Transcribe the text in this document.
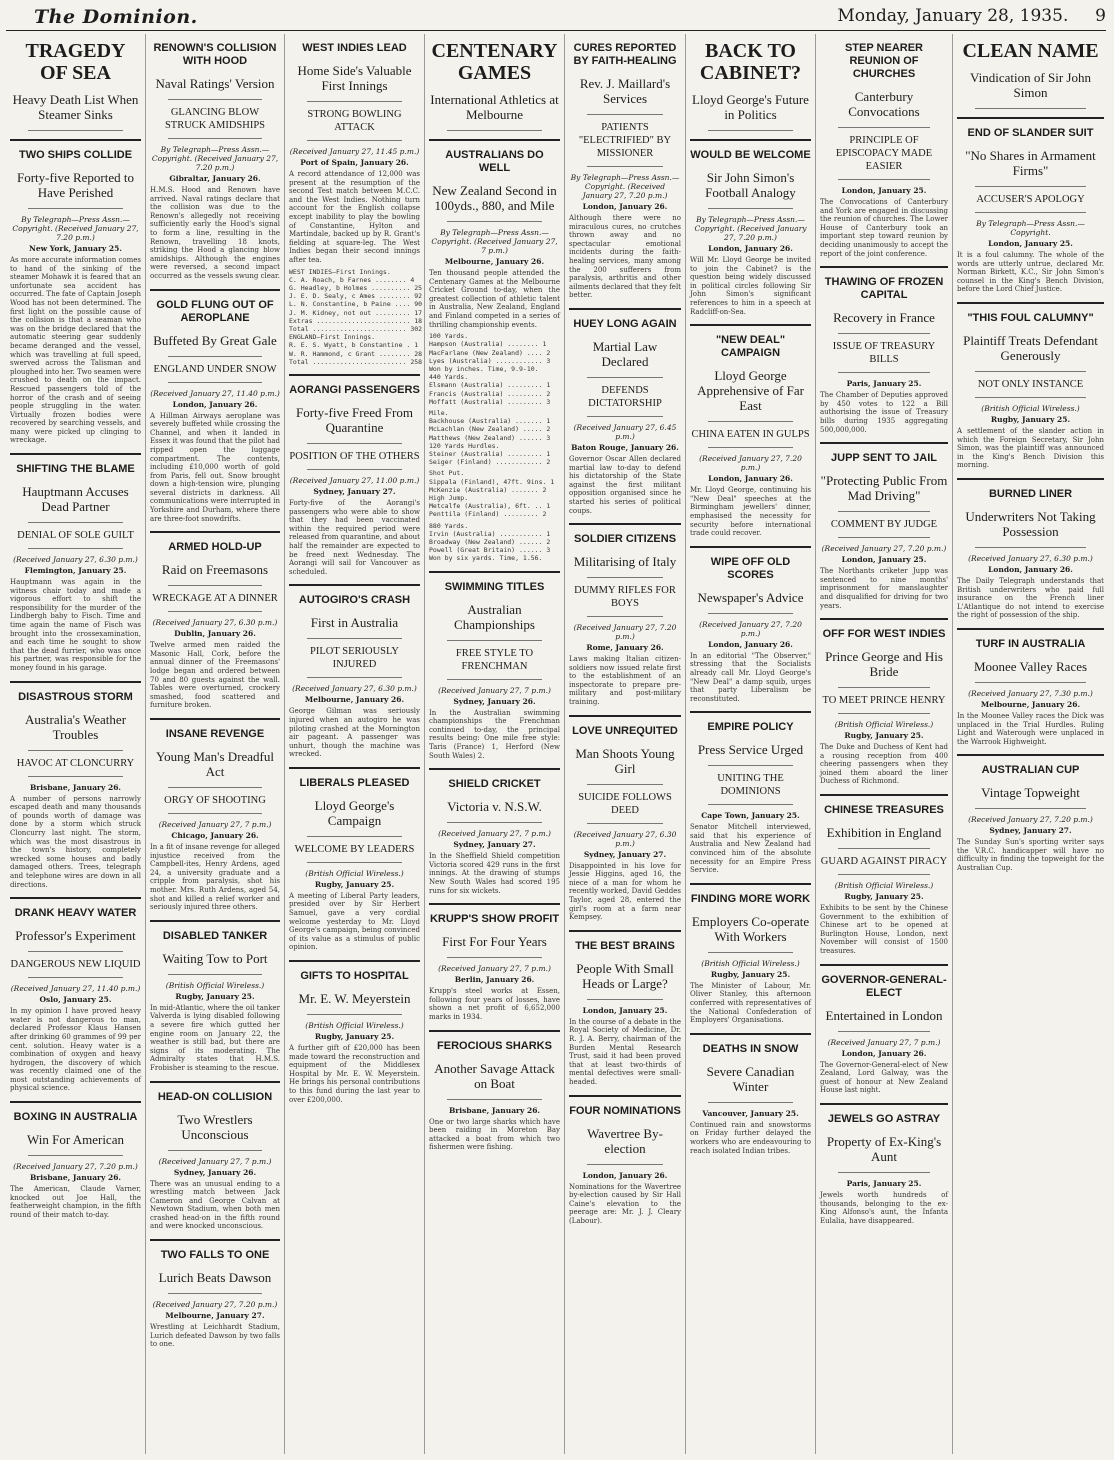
The Dominion.	Monday, January 28, 1935. 9
TRAGEDY OF SEA
Heavy Death List When Steamer Sinks
TWO SHIPS COLLIDE
Forty-five Reported to Have Perished
By Telegraph—Press Assn.—Copyright. (Received January 27, 7.20 p.m.)
New York, January 25.
As more accurate information comes to hand of the sinking of the steamer Mohawk it is feared that an unfortunate sea accident has occurred. The fate of Captain Joseph Wood has not been determined. The first light on the possible cause of the collision is that a seaman who was on the bridge declared that the automatic steering gear suddenly became deranged and the vessel, which was travelling at full speed, swerved across the Talisman and ploughed into her. Two seamen were crushed to death on the impact. Rescued passengers told of the horror of the crash and of seeing people struggling in the water. Virtually frozen bodies were recovered by searching vessels, and many were picked up clinging to wreckage.
SHIFTING THE BLAME
Hauptmann Accuses Dead Partner
DENIAL OF SOLE GUILT
(Received January 27, 6.30 p.m.)
Flemington, January 25.
Hauptmann was again in the witness chair today and made a vigorous effort to shift the responsibility for the murder of the Lindbergh baby to Fisch. Time and time again the name of Fisch was brought into the crossexamination, and each time he sought to show that the dead furrier, who was once his partner, was responsible for the money found in his garage.
DISASTROUS STORM
Australia's Weather Troubles
HAVOC AT CLONCURRY
Brisbane, January 26.
A number of persons narrowly escaped death and many thousands of pounds worth of damage was done by a storm which struck Cloncurry last night. The storm, which was the most disastrous in the town's history, completely wrecked some houses and badly damaged others. Trees, telegraph and telephone wires are down in all directions.
DRANK HEAVY WATER
Professor's Experiment
DANGEROUS NEW LIQUID
(Received January 27, 11.40 p.m.)
Oslo, January 25.
In my opinion I have proved heavy water is not dangerous to man, declared Professor Klaus Hansen after drinking 60 grammes of 99 per cent. solution. Heavy water is a combination of oxygen and heavy hydrogen, the discovery of which was recently claimed one of the most outstanding achievements of physical science.
BOXING IN AUSTRALIA
Win For American
(Received January 27, 7.20 p.m.)
Brisbane, January 26.
The American, Claude Varner, knocked out Joe Hall, the featherweight champion, in the fifth round of their match to-day.
RENOWN'S COLLISION WITH HOOD
Naval Ratings' Version
GLANCING BLOW STRUCK AMIDSHIPS
By Telegraph—Press Assn.—Copyright. (Received January 27, 7.20 p.m.)
Gibraltar, January 26.
H.M.S. Hood and Renown have arrived. Naval ratings declare that the collision was due to the Renown's allegedly not receiving sufficiently early the Hood's signal to form a line, resulting in the Renown, travelling 18 knots, striking the Hood a glancing blow amidships. Although the engines were reversed, a second impact occurred as the vessels swung clear.
GOLD FLUNG OUT OF AEROPLANE
Buffeted By Great Gale
ENGLAND UNDER SNOW
(Received January 27, 11.40 p.m.)
London, January 26.
A Hillman Airways aeroplane was severely buffeted while crossing the Channel, and when it landed in Essex it was found that the pilot had ripped open the luggage compartment. The contents, including £10,000 worth of gold from Paris, fell out. Snow brought down a high-tension wire, plunging several districts in darkness. All communications were interrupted in Yorkshire and Durham, where there are three-foot snowdrifts.
ARMED HOLD-UP
Raid on Freemasons
WRECKAGE AT A DINNER
(Received January 27, 6.30 p.m.)
Dublin, January 26.
Twelve armed men raided the Masonic Hall, Cork, before the annual dinner of the Freemasons' lodge began and ordered between 70 and 80 guests against the wall. Tables were overturned, crockery smashed, food scattered and furniture broken.
INSANE REVENGE
Young Man's Dreadful Act
ORGY OF SHOOTING
(Received January 27, 7 p.m.)
Chicago, January 26.
In a fit of insane revenge for alleged injustice received from the Campbell-ites, Henry Ardens, aged 24, a university graduate and a cripple from paralysis, shot his mother. Mrs. Ruth Ardens, aged 54, shot and killed a relief worker and seriously injured three others.
DISABLED TANKER
Waiting Tow to Port
(British Official Wireless.)
Rugby, January 25.
In mid-Atlantic, where the oil tanker Valverda is lying disabled following a severe fire which gutted her engine room on January 22, the weather is still bad, but there are signs of its moderating. The Admiralty states that H.M.S. Frobisher is steaming to the rescue.
HEAD-ON COLLISION
Two Wrestlers Unconscious
(Received January 27, 7 p.m.)
Sydney, January 26.
There was an unusual ending to a wrestling match between Jack Cameron and George Calvan at Newtown Stadium, when both men crashed head-on in the fifth round and were knocked unconscious.
TWO FALLS TO ONE
Lurich Beats Dawson
(Received January 27, 7.20 p.m.)
Melbourne, January 27.
Wrestling at Leichhardt Stadium, Lurich defeated Dawson by two falls to one.
WEST INDIES LEAD
Home Side's Valuable First Innings
STRONG BOWLING ATTACK
(Received January 27, 11.45 p.m.)
Port of Spain, January 26.
A record attendance of 12,000 was present at the resumption of the second Test match between M.C.C. and the West Indies. Nothing turn account for the English collapse except inability to play the bowling of Constantine, Hylton and Martindale, backed up by R. Grant's fielding at square-leg. The West Indies began their second innings after tea.
WEST INDIES—First Innings.
C. A. Roach, b Farnes ........ 4
G. Headley, b Holmes .......... 25
J. E. D. Sealy, c Ames ........ 92
L. N. Constantine, b Paine .... 90
J. M. Kidney, not out ......... 17
Extras ........................ 18
Total ........................ 302
ENGLAND—First Innings.
R. E. S. Wyatt, b Constantine . 1
W. R. Hammond, c Grant ........ 28
Total ........................ 258
AORANGI PASSENGERS
Forty-five Freed From Quarantine
POSITION OF THE OTHERS
(Received January 27, 11.00 p.m.)
Sydney, January 27.
Forty-five of the Aorangi's passengers who were able to show that they had been vaccinated within the required period were released from quarantine, and about half the remainder are expected to be freed next Wednesday. The Aorangi will sail for Vancouver as scheduled.
AUTOGIRO'S CRASH
First in Australia
PILOT SERIOUSLY INJURED
(Received January 27, 6.30 p.m.)
Melbourne, January 26.
George Gilman was seriously injured when an autogiro he was piloting crashed at the Mornington air pageant. A passenger was unhurt, though the machine was wrecked.
LIBERALS PLEASED
Lloyd George's Campaign
WELCOME BY LEADERS
(British Official Wireless.)
Rugby, January 25.
A meeting of Liberal Party leaders, presided over by Sir Herbert Samuel, gave a very cordial welcome yesterday to Mr. Lloyd George's campaign, being convinced of its value as a stimulus of public opinion.
GIFTS TO HOSPITAL
Mr. E. W. Meyerstein
(British Official Wireless.)
Rugby, January 25.
A further gift of £20,000 has been made toward the reconstruction and equipment of the Middlesex Hospital by Mr. E. W. Meyerstein. He brings his personal contributions to this fund during the last year to over £200,000.
CENTENARY GAMES
International Athletics at Melbourne
AUSTRALIANS DO WELL
New Zealand Second in 100yds., 880, and Mile
By Telegraph—Press Assn.—Copyright. (Received January 27, 7 p.m.)
Melbourne, January 26.
Ten thousand people attended the Centenary Games at the Melbourne Cricket Ground to-day, when the greatest collection of athletic talent in Australia, New Zealand, England and Finland competed in a series of thrilling championship events.
100 Yards.
Hampson (Australia) ........ 1
MacFarlane (New Zealand) .... 2
Lyes (Australia) ............ 3
Won by inches. Time, 9.9-10.
440 Yards.
Elsmann (Australia) ......... 1
Francis (Australia) ......... 2
Moffatt (Australia) ......... 3
Mile.
Backhouse (Australia) ....... 1
McLachlan (New Zealand) ..... 2
Matthews (New Zealand) ...... 3
120 Yards Hurdles.
Steiner (Australia) ......... 1
Seiger (Finland) ............ 2
Shot Put.
Sippala (Finland), 47ft. 9ins. 1
McKenzie (Australia) ....... 2
High Jump.
Metcalfe (Australia), 6ft. .. 1
Penttila (Finland) ......... 2
880 Yards.
Irvin (Australia) ........... 1
Broadway (New Zealand) ...... 2
Powell (Great Britain) ...... 3
Won by six yards. Time, 1.56.
SWIMMING TITLES
Australian Championships
FREE STYLE TO FRENCHMAN
(Received January 27, 7 p.m.)
Sydney, January 26.
In the Australian swimming championships the Frenchman continued to-day, the principal results being: One mile free style: Taris (France) 1, Herford (New South Wales) 2.
SHIELD CRICKET
Victoria v. N.S.W.
(Received January 27, 7 p.m.)
Sydney, January 27.
In the Sheffield Shield competition Victoria scored 429 runs in the first innings. At the drawing of stumps New South Wales had scored 195 runs for six wickets.
KRUPP'S SHOW PROFIT
First For Four Years
(Received January 27, 7 p.m.)
Berlin, January 26.
Krupp's steel works at Essen, following four years of losses, have shown a net profit of 6,652,000 marks in 1934.
FEROCIOUS SHARKS
Another Savage Attack on Boat
Brisbane, January 26.
One or two large sharks which have been raiding in Moreton Bay attacked a boat from which two fishermen were fishing.
CURES REPORTED BY FAITH-HEALING
Rev. J. Maillard's Services
PATIENTS "ELECTRIFIED" BY MISSIONER
By Telegraph—Press Assn.—Copyright. (Received January 27, 7.20 p.m.)
London, January 26.
Although there were no miraculous cures, no crutches thrown away and no spectacular emotional incidents during the faith-healing services, many among the 200 sufferers from paralysis, arthritis and other ailments declared that they felt better.
HUEY LONG AGAIN
Martial Law Declared
DEFENDS DICTATORSHIP
(Received January 27, 6.45 p.m.)
Baton Rouge, January 26.
Governor Oscar Allen declared martial law to-day to defend his dictatorship of the State against the first militant opposition organised since he started his series of political coups.
SOLDIER CITIZENS
Militarising of Italy
DUMMY RIFLES FOR BOYS
(Received January 27, 7.20 p.m.)
Rome, January 26.
Laws making Italian citizen-soldiers now issued relate first to the establishment of an inspectorate to prepare pre-military and post-military training.
LOVE UNREQUITED
Man Shoots Young Girl
SUICIDE FOLLOWS DEED
(Received January 27, 6.30 p.m.)
Sydney, January 27.
Disappointed in his love for Jessie Higgins, aged 16, the niece of a man for whom he recently worked, David Geddes Taylor, aged 28, entered the girl's room at a farm near Kempsey.
THE BEST BRAINS
People With Small Heads or Large?
London, January 25.
In the course of a debate in the Royal Society of Medicine, Dr. R. J. A. Berry, chairman of the Burden Mental Research Trust, said it had been proved that at least two-thirds of mental defectives were small-headed.
FOUR NOMINATIONS
Wavertree By-election
London, January 26.
Nominations for the Wavertree by-election caused by Sir Hall Caine's elevation to the peerage are: Mr. J. J. Cleary (Labour).
BACK TO CABINET?
Lloyd George's Future in Politics
WOULD BE WELCOME
Sir John Simon's Football Analogy
By Telegraph—Press Assn.—Copyright. (Received January 27, 7.20 p.m.)
London, January 26.
Will Mr. Lloyd George be invited to join the Cabinet? is the question being widely discussed in political circles following Sir John Simon's significant references to him in a speech at Radcliff-on-Sea.
"NEW DEAL" CAMPAIGN
Lloyd George Apprehensive of Far East
CHINA EATEN IN GULPS
(Received January 27, 7.20 p.m.)
London, January 26.
Mr. Lloyd George, continuing his "New Deal" speeches at the Birmingham jewellers' dinner, emphasised the necessity for security before international trade could recover.
WIPE OFF OLD SCORES
Newspaper's Advice
(Received January 27, 7.20 p.m.)
London, January 26.
In an editorial "The Observer," stressing that the Socialists already call Mr. Lloyd George's "New Deal" a damp squib, urges that party Liberalism be reconstituted.
EMPIRE POLICY
Press Service Urged
UNITING THE DOMINIONS
Cape Town, January 25.
Senator Mitchell interviewed, said that his experience of Australia and New Zealand had convinced him of the absolute necessity for an Empire Press Service.
FINDING MORE WORK
Employers Co-operate With Workers
(British Official Wireless.)
Rugby, January 25.
The Minister of Labour, Mr. Oliver Stanley, this afternoon conferred with representatives of the National Confederation of Employers' Organisations.
DEATHS IN SNOW
Severe Canadian Winter
Vancouver, January 25.
Continued rain and snowstorms on Friday further delayed the workers who are endeavouring to reach isolated Indian tribes.
STEP NEARER REUNION OF CHURCHES
Canterbury Convocations
PRINCIPLE OF EPISCOPACY MADE EASIER
London, January 25.
The Convocations of Canterbury and York are engaged in discussing the reunion of churches. The Lower House of Canterbury took an important step toward reunion by deciding unanimously to accept the report of the joint conference.
THAWING OF FROZEN CAPITAL
Recovery in France
ISSUE OF TREASURY BILLS
Paris, January 25.
The Chamber of Deputies approved by 450 votes to 122 a Bill authorising the issue of Treasury bills during 1935 aggregating 500,000,000.
JUPP SENT TO JAIL
"Protecting Public From Mad Driving"
COMMENT BY JUDGE
(Received January 27, 7.20 p.m.)
London, January 25.
The Northants criketer Jupp was sentenced to nine months' imprisonment for manslaughter and disqualified for driving for two years.
OFF FOR WEST INDIES
Prince George and His Bride
TO MEET PRINCE HENRY
(British Official Wireless.)
Rugby, January 25.
The Duke and Duchess of Kent had a rousing reception from 400 cheering passengers when they joined them aboard the liner Duchess of Richmond.
CHINESE TREASURES
Exhibition in England
GUARD AGAINST PIRACY
(British Official Wireless.)
Rugby, January 25.
Exhibits to be sent by the Chinese Government to the exhibition of Chinese art to be opened at Burlington House, London, next November will consist of 1500 treasures.
GOVERNOR-GENERAL-ELECT
Entertained in London
(Received January 27, 7 p.m.)
London, January 26.
The Governor-General-elect of New Zealand, Lord Galway, was the guest of honour at New Zealand House last night.
JEWELS GO ASTRAY
Property of Ex-King's Aunt
Paris, January 25.
Jewels worth hundreds of thousands, belonging to the ex-King Alfonso's aunt, the Infanta Eulalia, have disappeared.
CLEAN NAME
Vindication of Sir John Simon
END OF SLANDER SUIT
"No Shares in Armament Firms"
ACCUSER'S APOLOGY
By Telegraph—Press Assn.—Copyright.
London, January 25.
It is a foul calumny. The whole of the words are utterly untrue, declared Mr. Norman Birkett, K.C., Sir John Simon's counsel in the King's Bench Division, before the Lord Chief Justice.
"THIS FOUL CALUMNY"
Plaintiff Treats Defendant Generously
NOT ONLY INSTANCE
(British Official Wireless.)
Rugby, January 25.
A settlement of the slander action in which the Foreign Secretary, Sir John Simon, was the plaintiff was announced in the King's Bench Division this morning.
BURNED LINER
Underwriters Not Taking Possession
(Received January 27, 6.30 p.m.)
London, January 26.
The Daily Telegraph understands that British underwriters who paid full insurance on the French liner L'Atlantique do not intend to exercise the right of possession of the ship.
TURF IN AUSTRALIA
Moonee Valley Races
(Received January 27, 7.30 p.m.)
Melbourne, January 26.
In the Moonee Valley races the Dick was unplaced in the Trial Hurdles. Ruling Light and Waterough were unplaced in the Warrook Highweight.
AUSTRALIAN CUP
Vintage Topweight
(Received January 27, 7.20 p.m.)
Sydney, January 27.
The Sunday Sun's sporting writer says the V.R.C. handicapper will have no difficulty in finding the topweight for the Australian Cup.
